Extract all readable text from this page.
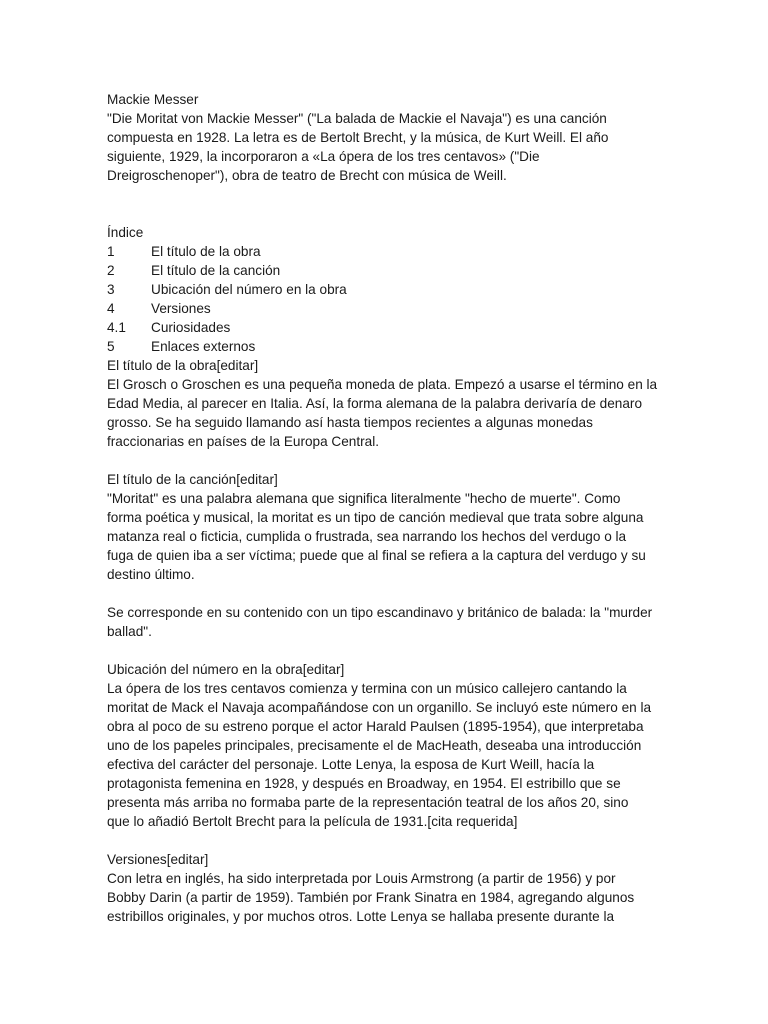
Mackie Messer
"Die Moritat von Mackie Messer" ("La balada de Mackie el Navaja") es una canción
compuesta en 1928. La letra es de Bertolt Brecht, y la música, de Kurt Weill. El año
siguiente, 1929, la incorporaron a «La ópera de los tres centavos» ("Die
Dreigroschenoper"), obra de teatro de Brecht con música de Weill.
Índice
1	El título de la obra
2	El título de la canción
3	Ubicación del número en la obra
4	Versiones
4.1	Curiosidades
5	Enlaces externos
El título de la obra[editar]
El Grosch o Groschen es una pequeña moneda de plata. Empezó a usarse el término en la
Edad Media, al parecer en Italia. Así, la forma alemana de la palabra derivaría de denaro
grosso. Se ha seguido llamando así hasta tiempos recientes a algunas monedas
fraccionarias en países de la Europa Central.
El título de la canción[editar]
"Moritat" es una palabra alemana que significa literalmente "hecho de muerte". Como
forma poética y musical, la moritat es un tipo de canción medieval que trata sobre alguna
matanza real o ficticia, cumplida o frustrada, sea narrando los hechos del verdugo o la
fuga de quien iba a ser víctima; puede que al final se refiera a la captura del verdugo y su
destino último.
Se corresponde en su contenido con un tipo escandinavo y británico de balada: la "murder
ballad".
Ubicación del número en la obra[editar]
La ópera de los tres centavos comienza y termina con un músico callejero cantando la
moritat de Mack el Navaja acompañándose con un organillo. Se incluyó este número en la
obra al poco de su estreno porque el actor Harald Paulsen (1895-1954), que interpretaba
uno de los papeles principales, precisamente el de MacHeath, deseaba una introducción
efectiva del carácter del personaje. Lotte Lenya, la esposa de Kurt Weill, hacía la
protagonista femenina en 1928, y después en Broadway, en 1954. El estribillo que se
presenta más arriba no formaba parte de la representación teatral de los años 20, sino
que lo añadió Bertolt Brecht para la película de 1931.[cita requerida]
Versiones[editar]
Con letra en inglés, ha sido interpretada por Louis Armstrong (a partir de 1956) y por
Bobby Darin (a partir de 1959). También por Frank Sinatra en 1984, agregando algunos
estribillos originales, y por muchos otros. Lotte Lenya se hallaba presente durante la
